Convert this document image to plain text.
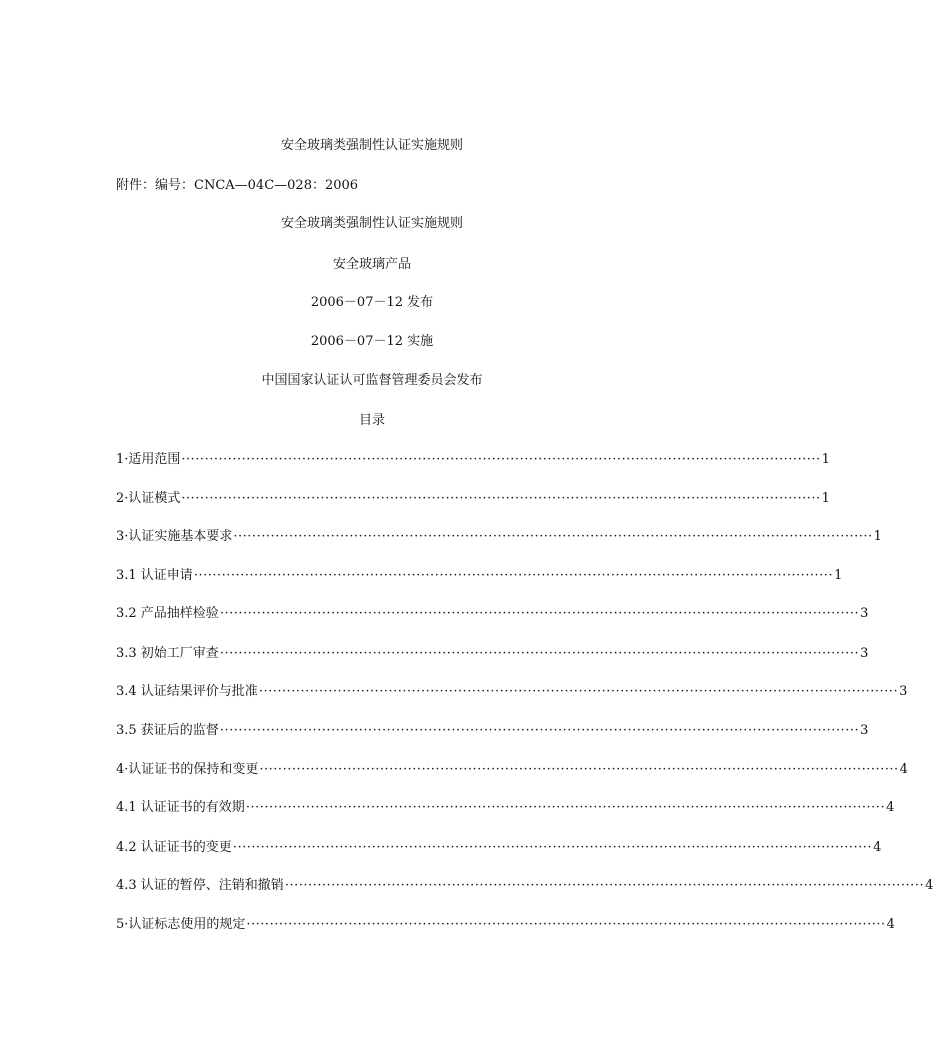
安全玻璃类强制性认证实施规则
附件：编号：CNCA—04C—028：2006
安全玻璃类强制性认证实施规则
安全玻璃产品
2006－07－12 发布
2006－07－12 实施
中国国家认证认可监督管理委员会发布
目录
1·适用范围 ·········································································································································· 1
2·认证模式 ·········································································································································· 1
3·认证实施基本要求 ·········································································································································· 1
3.1 认证申请 ·········································································································································· 1
3.2 产品抽样检验 ·········································································································································· 3
3.3 初始工厂审查 ·········································································································································· 3
3.4 认证结果评价与批准 ·········································································································································· 3
3.5 获证后的监督 ·········································································································································· 3
4·认证证书的保持和变更 ·········································································································································· 4
4.1 认证证书的有效期 ·········································································································································· 4
4.2 认证证书的变更 ·········································································································································· 4
4.3 认证的暂停、注销和撤销 ·········································································································································· 4
5·认证标志使用的规定 ·········································································································································· 4
